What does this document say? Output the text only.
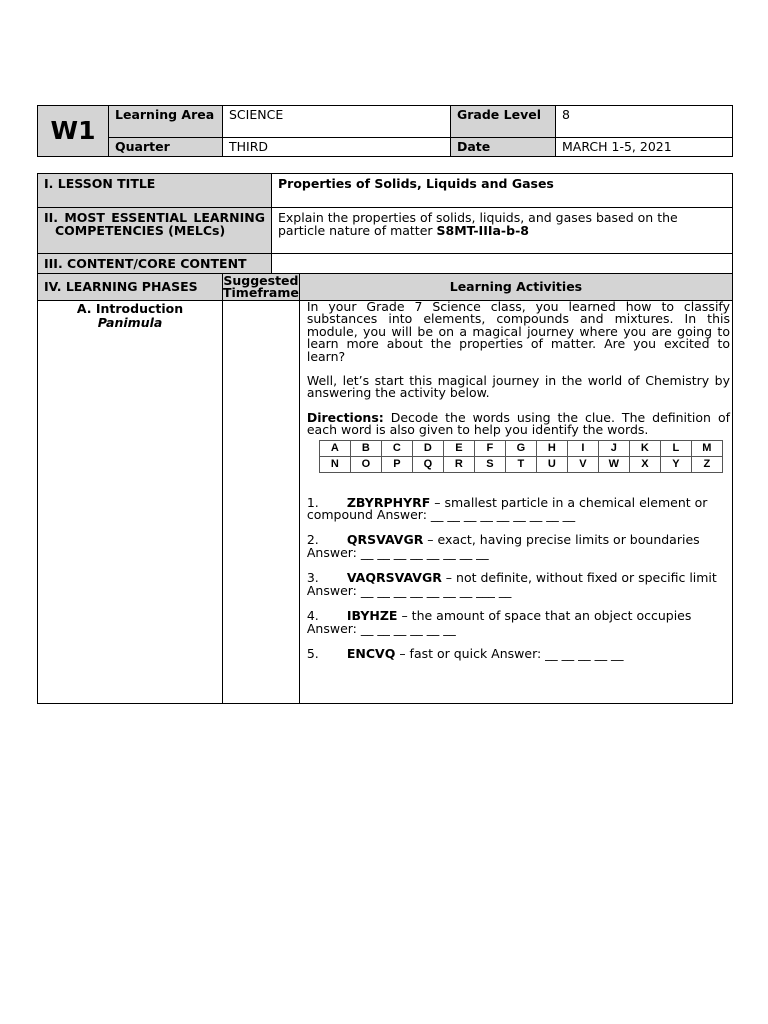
W1	Learning Area	SCIENCE	Grade Level	8
	Quarter	THIRD	Date	MARCH 1-5, 2021
I. LESSON TITLE	Properties of Solids, Liquids and Gases
II. MOST ESSENTIAL LEARNING COMPETENCIES (MELCs)	Explain the properties of solids, liquids, and gases based on the particle nature of matter S8MT-IIIa-b-8
III. CONTENT/CORE CONTENT	
IV. LEARNING PHASES	Suggested Timeframe	Learning Activities

A. Introduction
Panimula

In your Grade 7 Science class, you learned how to classify substances into elements, compounds and mixtures. In this module, you will be on a magical journey where you are going to learn more about the properties of matter. Are you excited to learn?

Well, let’s start this magical journey in the world of Chemistry by answering the activity below.

Directions: Decode the words using the clue. The definition of each word is also given to help you identify the words.

A	B	C	D	E	F	G	H	I	J	K	L	M
N	O	P	Q	R	S	T	U	V	W	X	Y	Z
1. ZBYRPHYRF – smallest particle in a chemical element or compound Answer: __ __ __ __ __ __ __ __ __
2. QRSVAVGR – exact, having precise limits or boundaries Answer: __ __ __ __ __ __ __ __
3. VAQRSVAVGR – not definite, without fixed or specific limit Answer: __ __ __ __ __ __ __ ___ __
4. IBYHZE – the amount of space that an object occupies Answer: __ __ __ __ __ __
5. ENCVQ – fast or quick Answer: __ __ __ __ __
